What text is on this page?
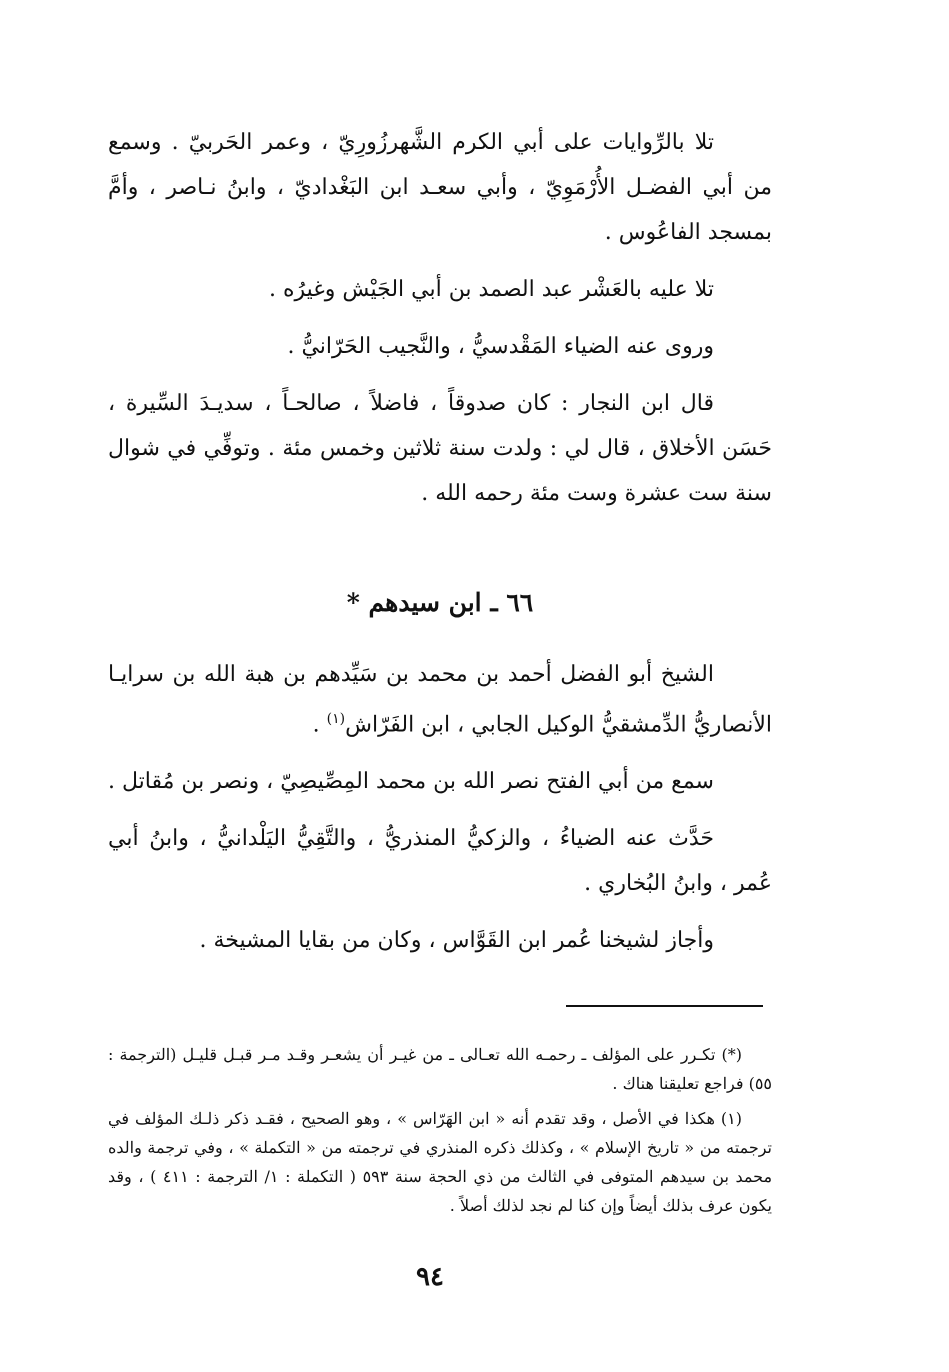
تلا بالرِّوايات على أبي الكرم الشَّهرزُورِيّ ، وعمر الحَربيّ . وسمع من أبي الفضـل الأُرْمَوِيّ ، وأبي سعـد ابن البَغْداديّ ، وابنُ نـاصر ، وأمَّ بمسجد الفاعُوس .

تلا عليه بالعَشْر عبد الصمد بن أبي الجَيْش وغيرُه .

وروى عنه الضياء المَقْدسيُّ ، والنَّجيب الحَرّانيُّ .

قال ابن النجار : كان صدوقاً ، فاضلاً ، صالحـاً ، سديـدَ السِّيرة ، حَسَن الأخلاق ، قال لي : ولدت سنة ثلاثين وخمس مئة . وتوفِّي في شوال سنة ست عشرة وست مئة رحمه الله .

٦٦ ـ ابن سيدهم *

الشيخ أبو الفضل أحمد بن محمد بن سَيِّدهم بن هبة الله بن سرايـا الأنصاريُّ الدِّمشقيُّ الوكيل الجابي ، ابن الفَرّاش$^{(١)}$ .

سمع من أبي الفتح نصر الله بن محمد المِصِّيصِيّ ، ونصر بن مُقاتل .

حَدَّث عنه الضياءُ ، والزكيُّ المنذريُّ ، والتَّقِيُّ اليَلْدانيُّ ، وابنُ أبي عُمر ، وابنُ البُخاري .

وأجاز لشيخنا عُمر ابن القَوَّاس ، وكان من بقايا المشيخة .

(*) تكـرر على المؤلف ـ رحمـه الله تعـالى ـ من غيـر أن يشعـر وقـد مـر قبـل قليـل (الترجمة : ٥٥) فراجع تعليقنا هناك .

(١) هكذا في الأصل ، وقد تقدم أنه « ابن الهَرّاس » ، وهو الصحيح ، فقـد ذكر ذلـك المؤلف في ترجمته من « تاريخ الإسلام » ، وكذلك ذكره المنذري في ترجمته من « التكملة » ، وفي ترجمة والده محمد بن سيدهم المتوفى في الثالث من ذي الحجة سنة ٥٩٣ ( التكملة : ١/ الترجمة : ٤١١ ) ، وقد يكون عرف بذلك أيضاً وإن كنا لم نجد لذلك أصلاً .

٩٤
